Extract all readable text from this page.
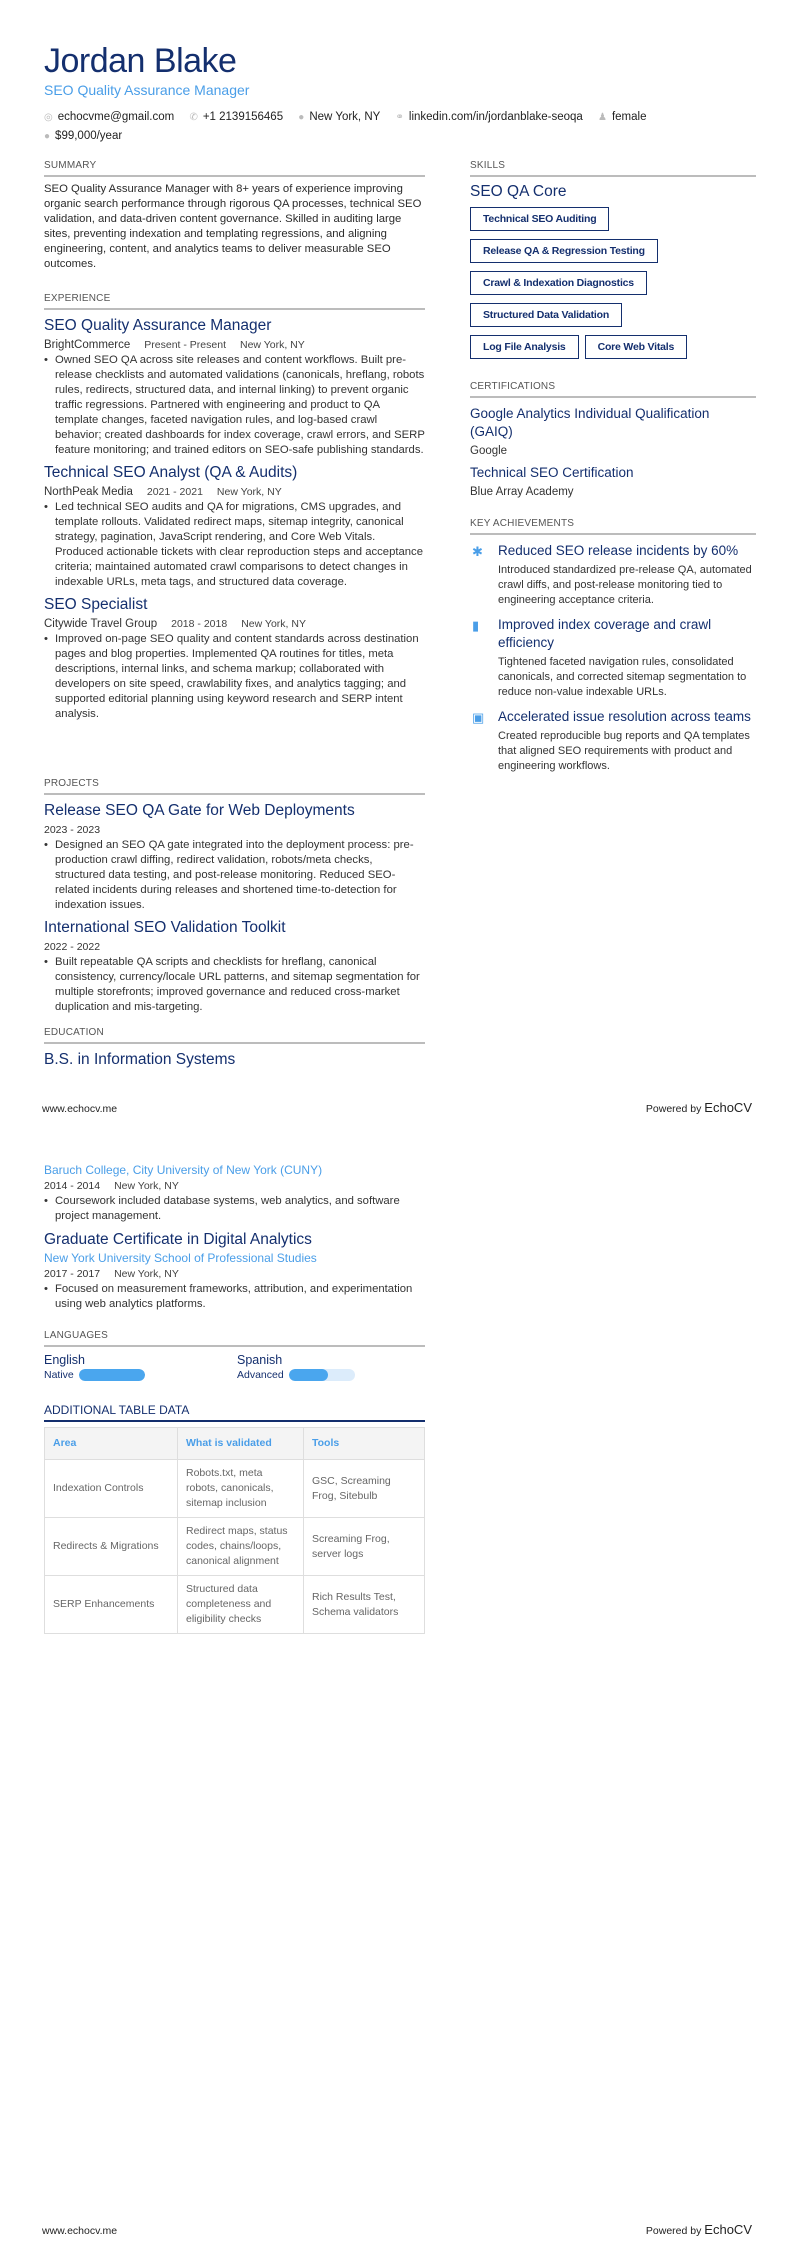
Jordan Blake
SEO Quality Assurance Manager
◎ echocvme@gmail.com ✆ +1 2139156465 ● New York, NY ⚭ linkedin.com/in/jordanblake-seoqa ♟ female
● $99,000/year
SUMMARY
SEO Quality Assurance Manager with 8+ years of experience improving organic search performance through rigorous QA processes, technical SEO validation, and data-driven content governance. Skilled in auditing large sites, preventing indexation and templating regressions, and aligning engineering, content, and analytics teams to deliver measurable SEO outcomes.
EXPERIENCE
SEO Quality Assurance Manager
BrightCommerce Present - Present New York, NY
• Owned SEO QA across site releases and content workflows. Built pre-release checklists and automated validations (canonicals, hreflang, robots rules, redirects, structured data, and internal linking) to prevent organic traffic regressions. Partnered with engineering and product to QA template changes, faceted navigation rules, and log-based crawl behavior; created dashboards for index coverage, crawl errors, and SERP feature monitoring; and trained editors on SEO-safe publishing standards.
Technical SEO Analyst (QA & Audits)
NorthPeak Media 2021 - 2021 New York, NY
• Led technical SEO audits and QA for migrations, CMS upgrades, and template rollouts. Validated redirect maps, sitemap integrity, canonical strategy, pagination, JavaScript rendering, and Core Web Vitals. Produced actionable tickets with clear reproduction steps and acceptance criteria; maintained automated crawl comparisons to detect changes in indexable URLs, meta tags, and structured data coverage.
SEO Specialist
Citywide Travel Group 2018 - 2018 New York, NY
• Improved on-page SEO quality and content standards across destination pages and blog properties. Implemented QA routines for titles, meta descriptions, internal links, and schema markup; collaborated with developers on site speed, crawlability fixes, and analytics tagging; and supported editorial planning using keyword research and SERP intent analysis.
PROJECTS
Release SEO QA Gate for Web Deployments
2023 - 2023
• Designed an SEO QA gate integrated into the deployment process: pre-production crawl diffing, redirect validation, robots/meta checks, structured data testing, and post-release monitoring. Reduced SEO-related incidents during releases and shortened time-to-detection for indexation issues.
International SEO Validation Toolkit
2022 - 2022
• Built repeatable QA scripts and checklists for hreflang, canonical consistency, currency/locale URL patterns, and sitemap segmentation for multiple storefronts; improved governance and reduced cross-market duplication and mis-targeting.
EDUCATION
B.S. in Information Systems
www.echocv.me	Powered by EchoCV
SKILLS
SEO QA Core
Technical SEO Auditing
Release QA & Regression Testing
Crawl & Indexation Diagnostics
Structured Data Validation
Log File Analysis	Core Web Vitals
CERTIFICATIONS
Google Analytics Individual Qualification (GAIQ)
Google
Technical SEO Certification
Blue Array Academy
KEY ACHIEVEMENTS
✱ Reduced SEO release incidents by 60%
Introduced standardized pre-release QA, automated crawl diffs, and post-release monitoring tied to engineering acceptance criteria.
▮ Improved index coverage and crawl efficiency
Tightened faceted navigation rules, consolidated canonicals, and corrected sitemap segmentation to reduce non-value indexable URLs.
▣ Accelerated issue resolution across teams
Created reproducible bug reports and QA templates that aligned SEO requirements with product and engineering workflows.
Baruch College, City University of New York (CUNY)
2014 - 2014 New York, NY
• Coursework included database systems, web analytics, and software project management.
Graduate Certificate in Digital Analytics
New York University School of Professional Studies
2017 - 2017 New York, NY
• Focused on measurement frameworks, attribution, and experimentation using web analytics platforms.
LANGUAGES
English
Native
Spanish
Advanced
ADDITIONAL TABLE DATA
Area	What is validated	Tools
Indexation Controls	Robots.txt, meta robots, canonicals, sitemap inclusion	GSC, Screaming Frog, Sitebulb
Redirects & Migrations	Redirect maps, status codes, chains/loops, canonical alignment	Screaming Frog, server logs
SERP Enhancements	Structured data completeness and eligibility checks	Rich Results Test, Schema validators
www.echocv.me	Powered by EchoCV
